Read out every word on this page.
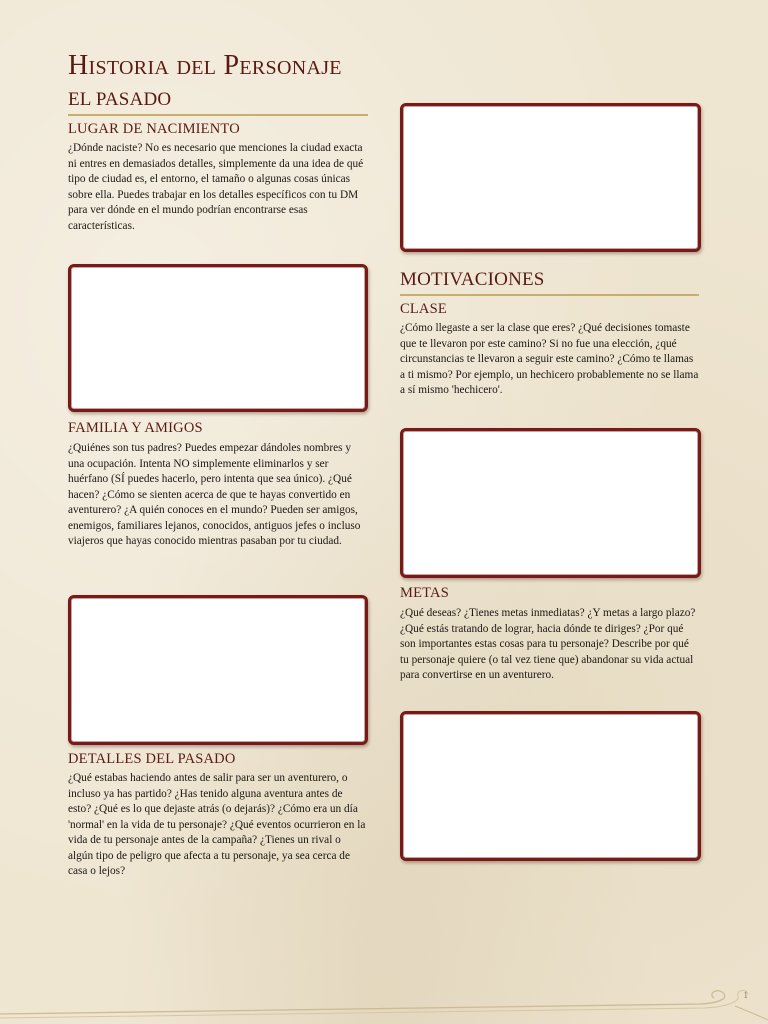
Historia del Personaje
EL PASADO
LUGAR DE NACIMIENTO

¿Dónde naciste? No es necesario que menciones la ciudad exacta ni entres en demasiados detalles, simplemente da una idea de qué tipo de ciudad es, el entorno, el tamaño o algunas cosas únicas sobre ella. Puedes trabajar en los detalles específicos con tu DM para ver dónde en el mundo podrían encontrarse esas características.

FAMILIA Y AMIGOS

¿Quiénes son tus padres? Puedes empezar dándoles nombres y una ocupación. Intenta NO simplemente eliminarlos y ser huérfano (SÍ puedes hacerlo, pero intenta que sea único). ¿Qué hacen? ¿Cómo se sienten acerca de que te hayas convertido en aventurero? ¿A quién conoces en el mundo? Pueden ser amigos, enemigos, familiares lejanos, conocidos, antiguos jefes o incluso viajeros que hayas conocido mientras pasaban por tu ciudad.

DETALLES DEL PASADO

¿Qué estabas haciendo antes de salir para ser un aventurero, o incluso ya has partido? ¿Has tenido alguna aventura antes de esto? ¿Qué es lo que dejaste atrás (o dejarás)? ¿Cómo era un día 'normal' en la vida de tu personaje? ¿Qué eventos ocurrieron en la vida de tu personaje antes de la campaña? ¿Tienes un rival o algún tipo de peligro que afecta a tu personaje, ya sea cerca de casa o lejos?

MOTIVACIONES
CLASE

¿Cómo llegaste a ser la clase que eres? ¿Qué decisiones tomaste que te llevaron por este camino? Si no fue una elección, ¿qué circunstancias te llevaron a seguir este camino? ¿Cómo te llamas a ti mismo? Por ejemplo, un hechicero probablemente no se llama a sí mismo 'hechicero'.

METAS

¿Qué deseas? ¿Tienes metas inmediatas? ¿Y metas a largo plazo? ¿Qué estás tratando de lograr, hacia dónde te diriges? ¿Por qué son importantes estas cosas para tu personaje? Describe por qué tu personaje quiere (o tal vez tiene que) abandonar su vida actual para convertirse en un aventurero.

1
